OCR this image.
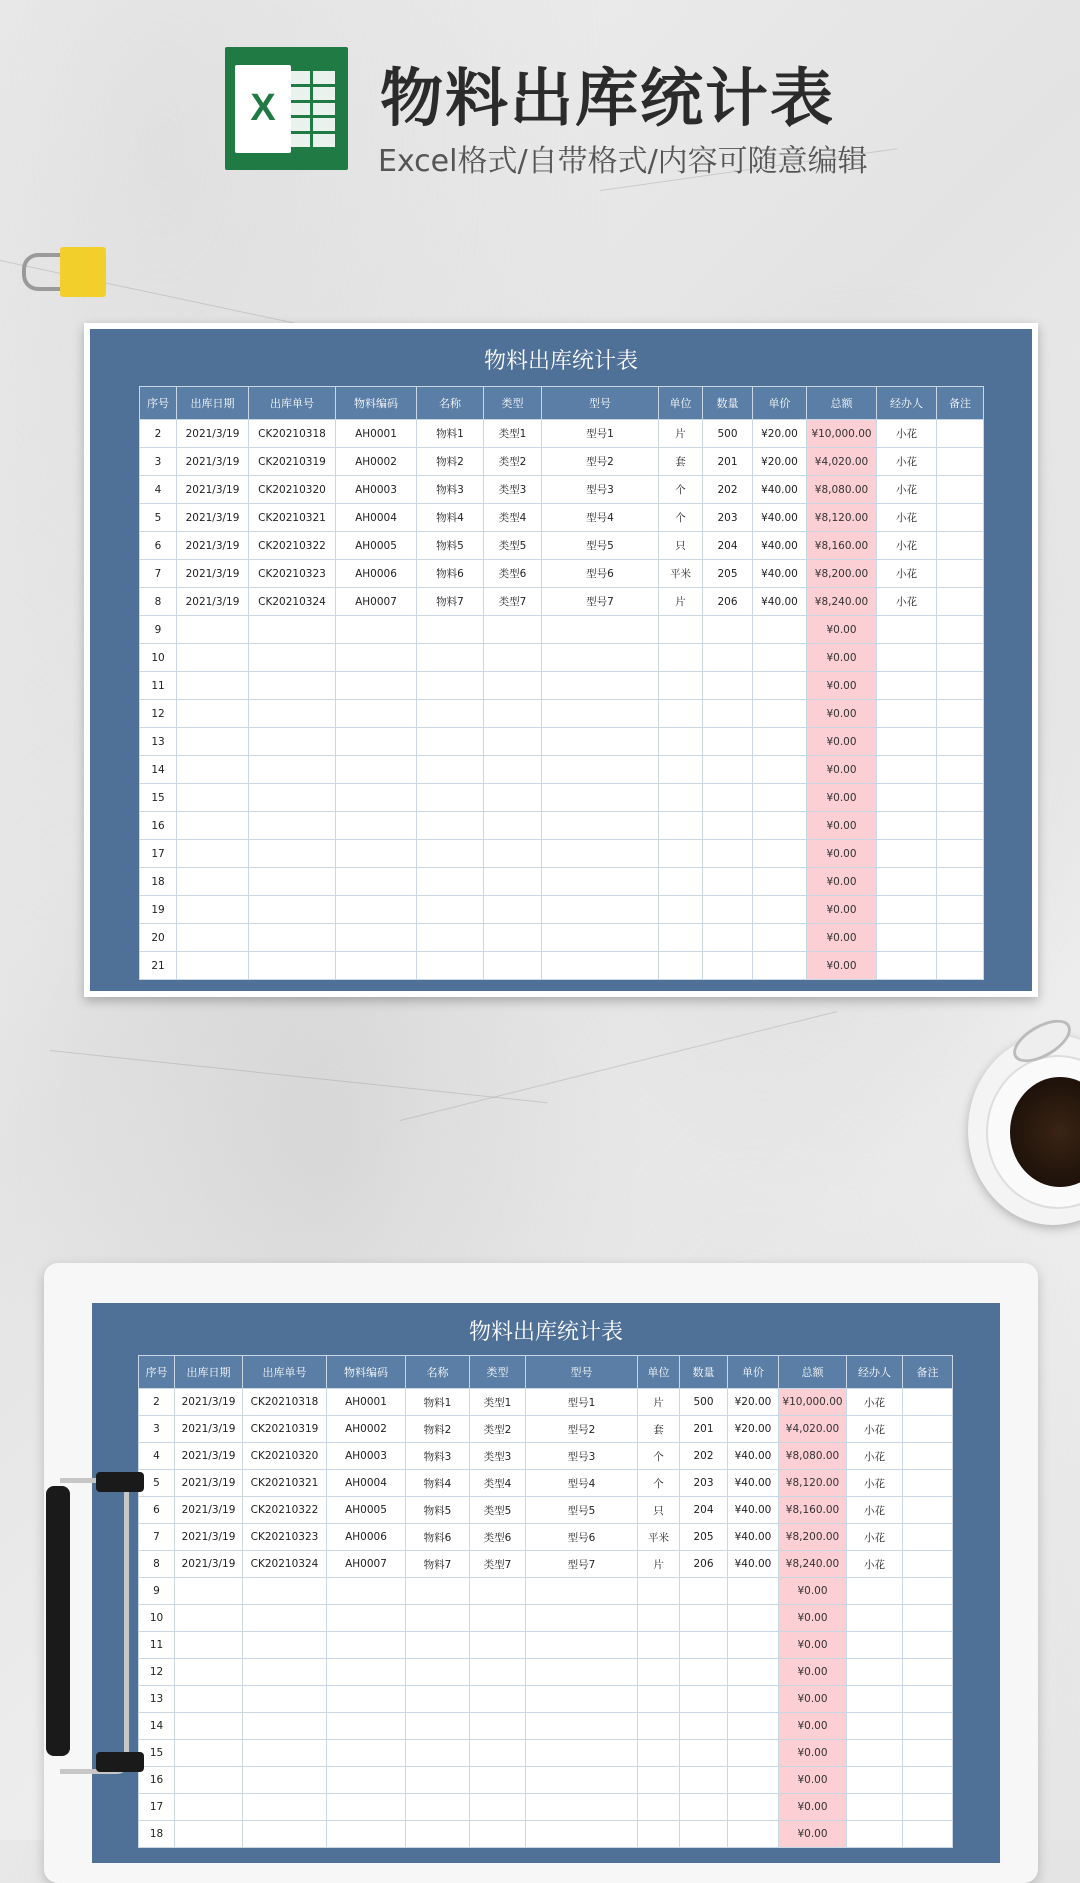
X 物料出库统计表
Excel格式/自带格式/内容可随意编辑
物料出库统计表
序号	出库日期	出库单号	物料编码	名称	类型	型号	单位	数量	单价	总额	经办人	备注
2	2021/3/19	CK20210318	AH0001	物料1	类型1	型号1	片	500	¥20.00	¥10,000.00	小花	
3	2021/3/19	CK20210319	AH0002	物料2	类型2	型号2	套	201	¥20.00	¥4,020.00	小花	
4	2021/3/19	CK20210320	AH0003	物料3	类型3	型号3	个	202	¥40.00	¥8,080.00	小花	
5	2021/3/19	CK20210321	AH0004	物料4	类型4	型号4	个	203	¥40.00	¥8,120.00	小花	
6	2021/3/19	CK20210322	AH0005	物料5	类型5	型号5	只	204	¥40.00	¥8,160.00	小花	
7	2021/3/19	CK20210323	AH0006	物料6	类型6	型号6	平米	205	¥40.00	¥8,200.00	小花	
8	2021/3/19	CK20210324	AH0007	物料7	类型7	型号7	片	206	¥40.00	¥8,240.00	小花	
9										¥0.00		
10										¥0.00		
11										¥0.00		
12										¥0.00		
13										¥0.00		
14										¥0.00		
15										¥0.00		
16										¥0.00		
17										¥0.00		
18										¥0.00		
19										¥0.00		
20										¥0.00		
21										¥0.00		
物料出库统计表
序号	出库日期	出库单号	物料编码	名称	类型	型号	单位	数量	单价	总额	经办人	备注
2	2021/3/19	CK20210318	AH0001	物料1	类型1	型号1	片	500	¥20.00	¥10,000.00	小花	
3	2021/3/19	CK20210319	AH0002	物料2	类型2	型号2	套	201	¥20.00	¥4,020.00	小花	
4	2021/3/19	CK20210320	AH0003	物料3	类型3	型号3	个	202	¥40.00	¥8,080.00	小花	
5	2021/3/19	CK20210321	AH0004	物料4	类型4	型号4	个	203	¥40.00	¥8,120.00	小花	
6	2021/3/19	CK20210322	AH0005	物料5	类型5	型号5	只	204	¥40.00	¥8,160.00	小花	
7	2021/3/19	CK20210323	AH0006	物料6	类型6	型号6	平米	205	¥40.00	¥8,200.00	小花	
8	2021/3/19	CK20210324	AH0007	物料7	类型7	型号7	片	206	¥40.00	¥8,240.00	小花	
9										¥0.00		
10										¥0.00		
11										¥0.00		
12										¥0.00		
13										¥0.00		
14										¥0.00		
15										¥0.00		
16										¥0.00		
17										¥0.00		
18										¥0.00		
